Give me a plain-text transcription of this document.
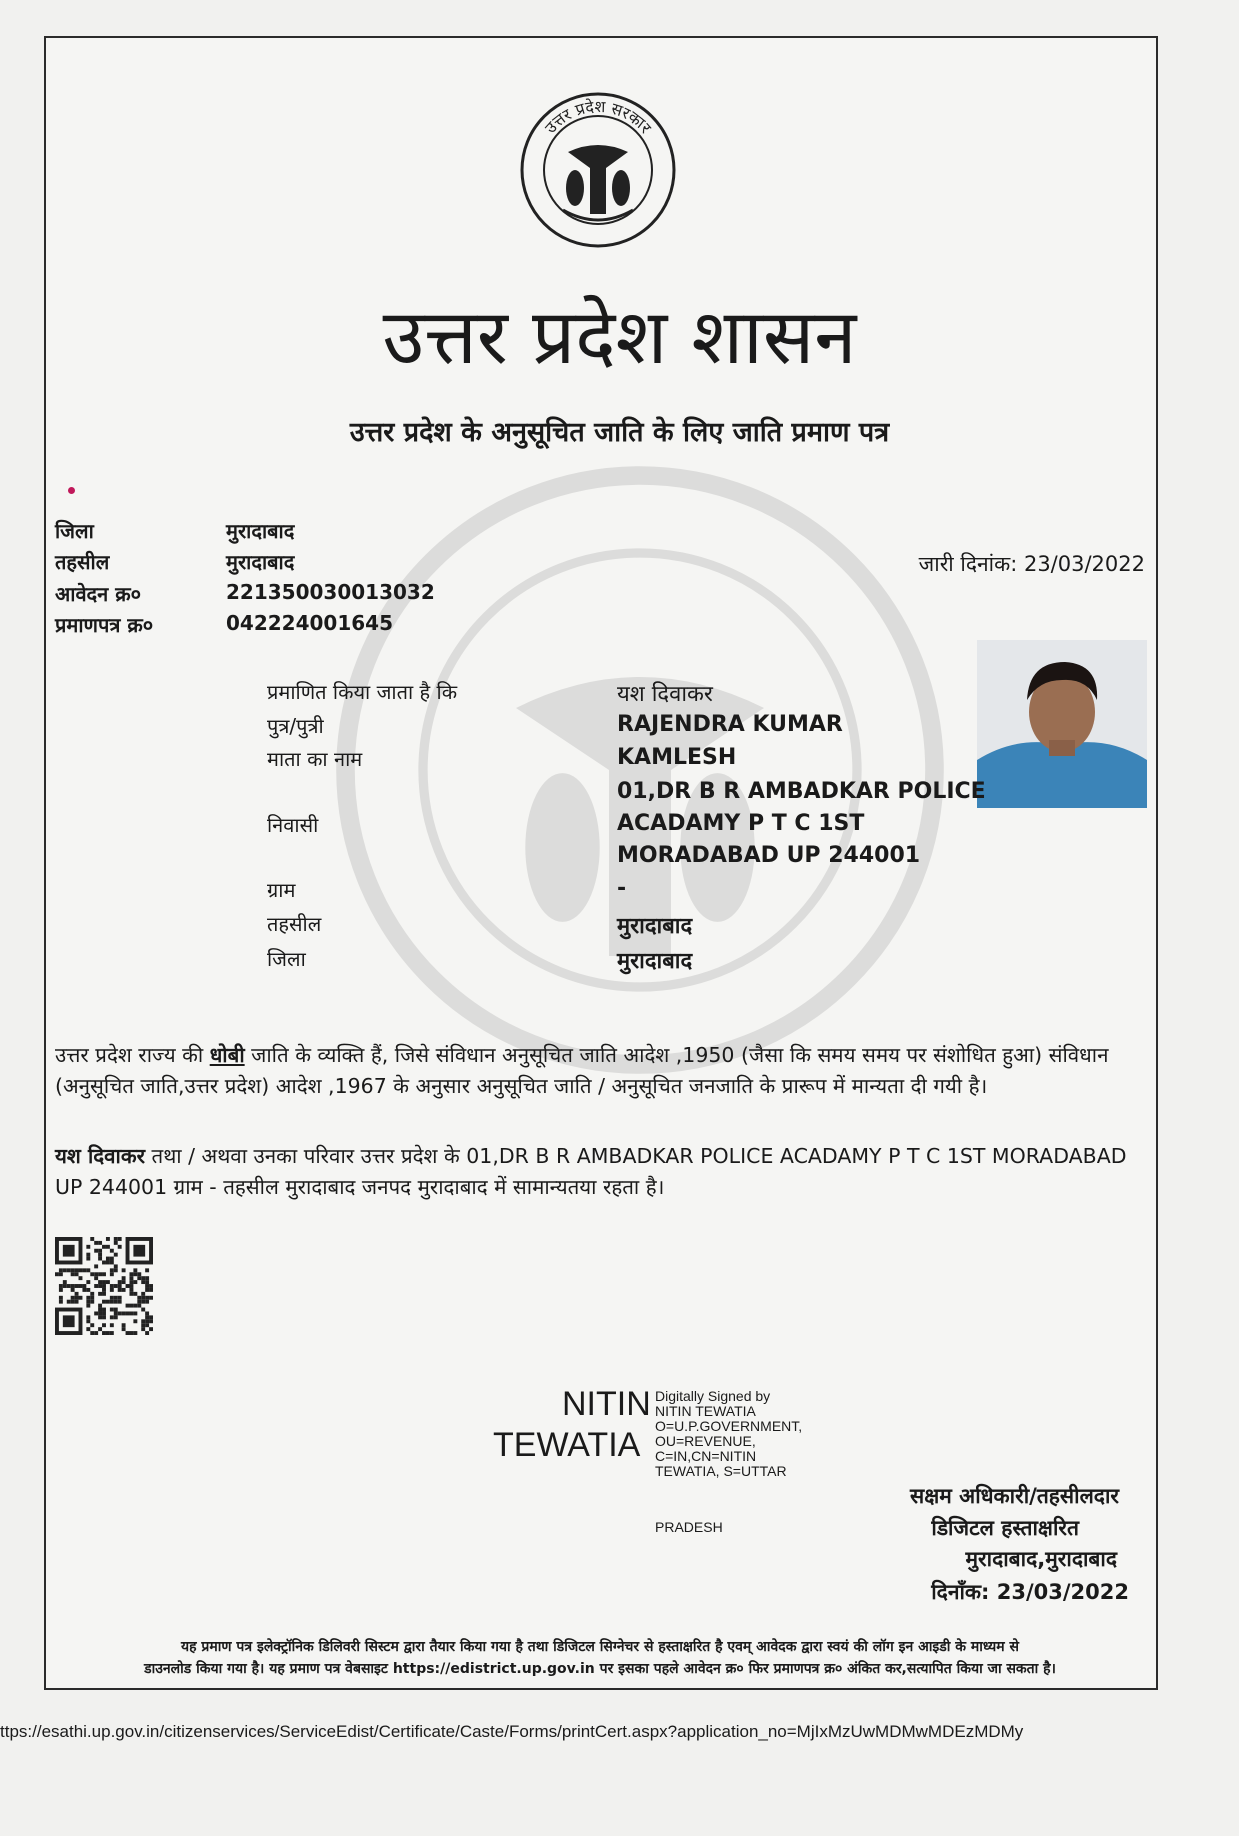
उत्तर प्रदेश सरकार
उत्तर प्रदेश शासन
उत्तर प्रदेश के अनुसूचित जाति के लिए जाति प्रमाण पत्र
जिला	मुरादाबाद
तहसील	मुरादाबाद
आवेदन क्र०	221350030013032
प्रमाणपत्र क्र०	042224001645
जारी दिनांक: 23/03/2022
प्रमाणित किया जाता है कि	यश दिवाकर
पुत्र/पुत्री	RAJENDRA KUMAR
माता का नाम	KAMLESH
01,DR B R AMBADKAR POLICE
निवासी	ACADAMY P T C 1ST
MORADABAD UP 244001
ग्राम	-
तहसील	मुरादाबाद
जिला	मुरादाबाद
उत्तर प्रदेश राज्य की धोबी जाति के व्यक्ति हैं, जिसे संविधान अनुसूचित जाति आदेश ,1950 (जैसा कि समय समय पर संशोधित हुआ) संविधान (अनुसूचित जाति,उत्तर प्रदेश) आदेश ,1967 के अनुसार अनुसूचित जाति / अनुसूचित जनजाति के प्रारूप में मान्यता दी गयी है।
यश दिवाकर तथा / अथवा उनका परिवार उत्तर प्रदेश के 01,DR B R AMBADKAR POLICE ACADAMY P T C 1ST MORADABAD UP 244001 ग्राम - तहसील मुरादाबाद जनपद मुरादाबाद में सामान्यतया रहता है।
NITIN
TEWATIA
Digitally Signed by
NITIN TEWATIA
O=U.P.GOVERNMENT,
OU=REVENUE,
C=IN,CN=NITIN
TEWATIA, S=UTTAR
PRADESH
सक्षम अधिकारी/तहसीलदार
डिजिटल हस्ताक्षरित
मुरादाबाद,मुरादाबाद
दिनाँक: 23/03/2022
यह प्रमाण पत्र इलेक्ट्रॉनिक डिलिवरी सिस्टम द्वारा तैयार किया गया है तथा डिजिटल सिग्नेचर से हस्ताक्षरित है एवम् आवेदक द्वारा स्वयं की लॉग इन आइडी के माध्यम से
डाउनलोड किया गया है। यह प्रमाण पत्र वेबसाइट https://edistrict.up.gov.in पर इसका पहले आवेदन क्र० फिर प्रमाणपत्र क्र० अंकित कर,सत्यापित किया जा सकता है।
ttps://esathi.up.gov.in/citizenservices/ServiceEdist/Certificate/Caste/Forms/printCert.aspx?application_no=MjIxMzUwMDMwMDEzMDMy
